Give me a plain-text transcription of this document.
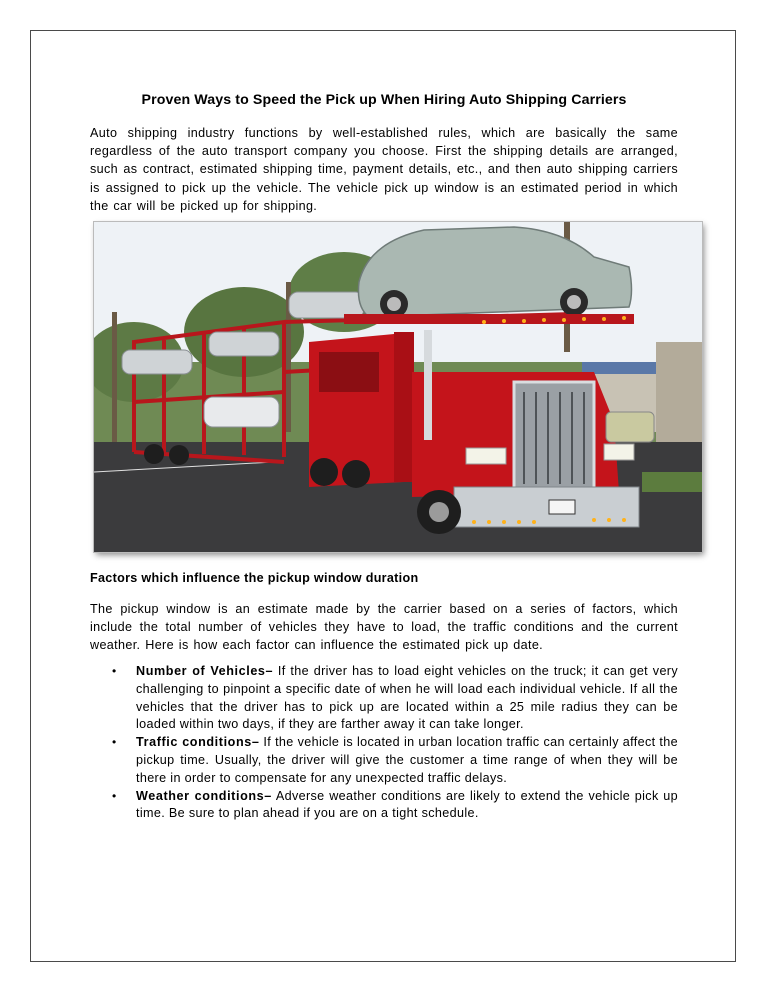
Proven Ways to Speed the Pick up When Hiring Auto Shipping Carriers
Auto shipping industry functions by well-established rules, which are basically the same regardless of the auto transport company you choose. First the shipping details are arranged, such as contract, estimated shipping time, payment details, etc., and then auto shipping carriers is assigned to pick up the vehicle. The vehicle pick up window is an estimated period in which the car will be picked up for shipping.
Factors which influence the pickup window duration
The pickup window is an estimate made by the carrier based on a series of factors, which include the total number of vehicles they have to load, the traffic conditions and the current weather. Here is how each factor can influence the estimated pick up date.
• Number of Vehicles– If the driver has to load eight vehicles on the truck; it can get very challenging to pinpoint a specific date of when he will load each individual vehicle. If all the vehicles that the driver has to pick up are located within a 25 mile radius they can be loaded within two days, if they are farther away it can take longer.
• Traffic conditions– If the vehicle is located in urban location traffic can certainly affect the pickup time. Usually, the driver will give the customer a time range of when they will be there in order to compensate for any unexpected traffic delays.
• Weather conditions– Adverse weather conditions are likely to extend the vehicle pick up time. Be sure to plan ahead if you are on a tight schedule.
